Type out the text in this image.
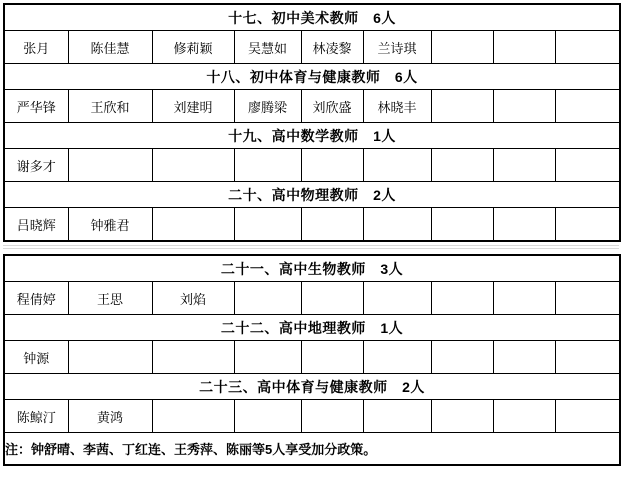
十七、初中美术教师　6人								
张月	陈佳慧	修莉颖	吴慧如	林凌黎	兰诗琪			
十八、初中体育与健康教师　6人								
严华锋	王欣和	刘建明	廖腾梁	刘欣盛	林晓丰			
十九、高中数学教师　1人								
谢多才								
二十、高中物理教师　2人								
吕晓辉	钟雅君							
二十一、高中生物教师　3人								
程倩婷	王思	刘焰						
二十二、高中地理教师　1人								
钟源								
二十三、高中体育与健康教师　2人								
陈鲸汀	黄鸿							
注：钟舒晴、李茜、丁红连、王秀萍、陈丽等5人享受加分政策。								
